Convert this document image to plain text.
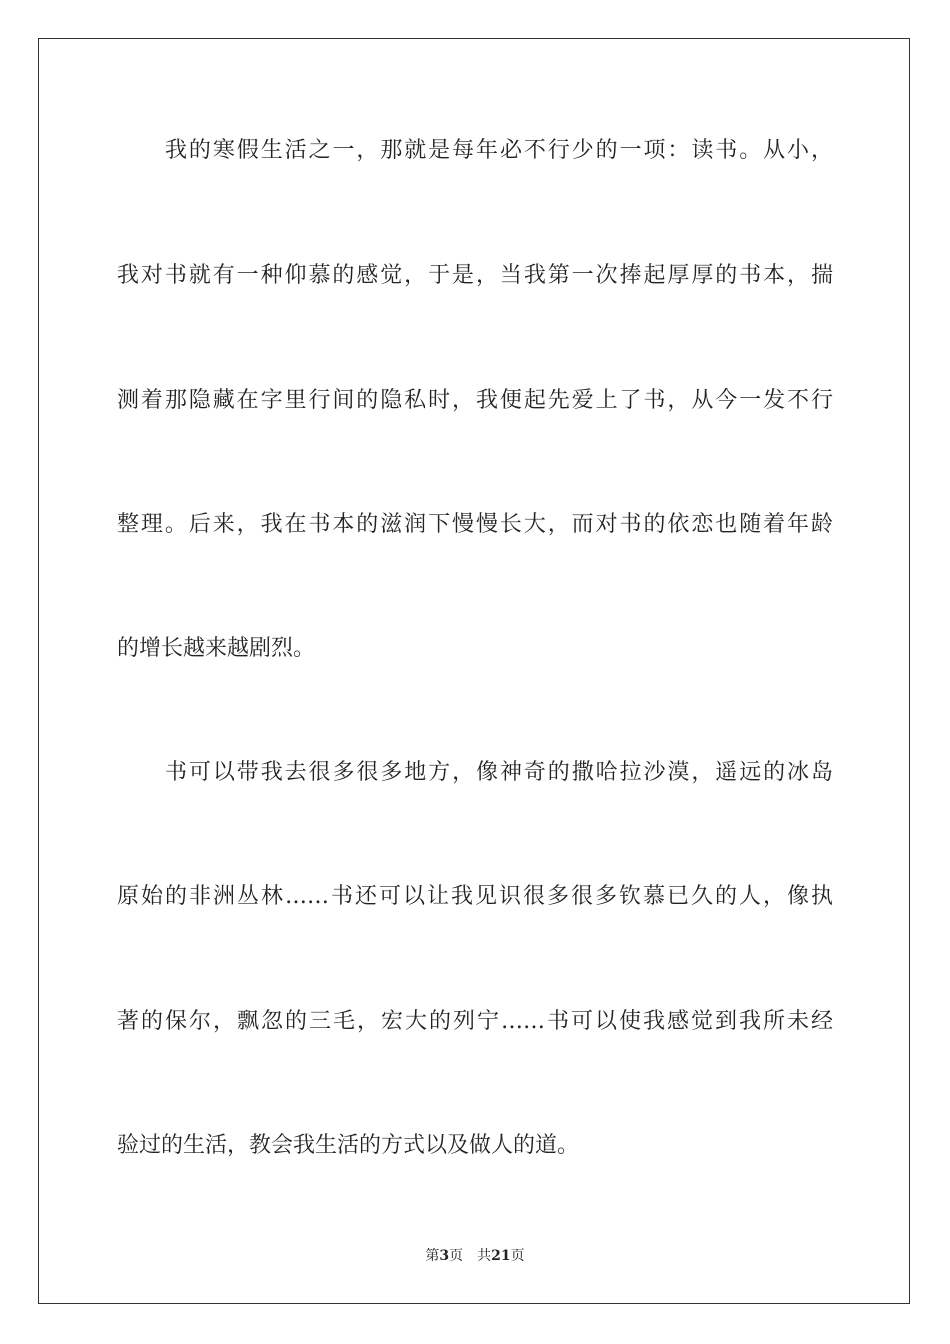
我的寒假生活之一，那就是每年必不行少的一项：读书。从小，
我对书就有一种仰慕的感觉，于是，当我第一次捧起厚厚的书本，揣
测着那隐藏在字里行间的隐私时，我便起先爱上了书，从今一发不行
整理。后来，我在书本的滋润下慢慢长大，而对书的依恋也随着年龄
的增长越来越剧烈。
书可以带我去很多很多地方，像神奇的撒哈拉沙漠，遥远的冰岛
原始的非洲丛林……书还可以让我见识很多很多钦慕已久的人，像执
著的保尔，飘忽的三毛，宏大的列宁……书可以使我感觉到我所未经
验过的生活，教会我生活的方式以及做人的道。
第3页 共21页
